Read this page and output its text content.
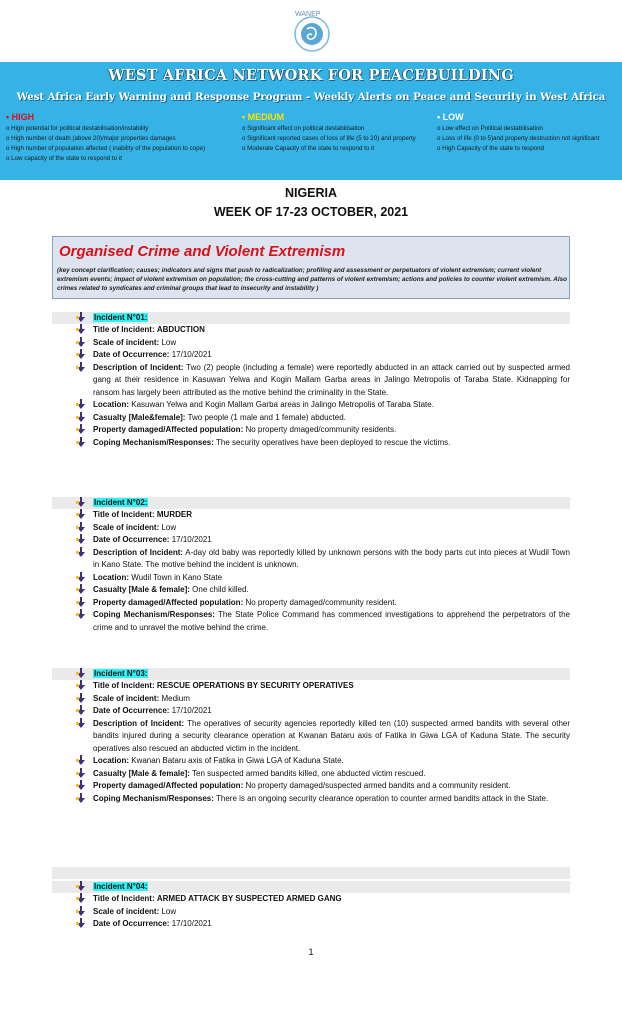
WANEP
WEST AFRICA NETWORK FOR PEACEBUILDING
West Africa Early Warning and Response Program - Weekly Alerts on Peace and Security in West Africa
• HIGH
o High potential for political destabilisation/instability
o High number of death (above 20)/major properties damages
o High number of population affected ( inability of the population to cope)
o Low capacity of the state to respond to it
• MEDIUM
o Significant effect on political destabilisation
o Significant reported cases of loss of life (5 to 20) and property
o Moderate Capacity of the state to respond to it
• LOW
o Low effect on Political destabilisation
o Loss of life (0 to 5)and property destruction not significant
o High Capacity of the state to respond
NIGERIA
WEEK OF 17-23 OCTOBER, 2021
Organised Crime and Violent Extremism
(key concept clarification; causes; indicators and signs that push to radicalization; profiling and assessment or perpetuators of violent extremism; current violent extremism events; impact of violent extremism on population; the cross-cutting and patterns of violent extremism; actions and policies to counter violent extremism. Also crimes related to syndicates and criminal groups that lead to insecurity and instability )
Incident N°01:
Title of Incident: ABDUCTION
Scale of incident: Low
Date of Occurrence: 17/10/2021
Description of Incident: Two (2) people (including a female) were reportedly abducted in an attack carried out by suspected armed gang at their residence in Kasuwan Yelwa and Kogin Mallam Garba areas in Jalingo Metropolis of Taraba State. Kidnapping for ransom has largely been attributed as the motive behind the criminality in the State.
Location: Kasuwan Yelwa and Kogin Mallam Garba areas in Jalingo Metropolis of Taraba State.
Casualty [Male&female]: Two people (1 male and 1 female) abducted.
Property damaged/Affected population: No property dmaged/community residents.
Coping Mechanism/Responses: The security operatives have been deployed to rescue the victims.
Incident N°02:
Title of Incident: MURDER
Scale of incident: Low
Date of Occurrence: 17/10/2021
Description of Incident: A-day old baby was reportedly killed by unknown persons with the body parts cut into pieces at Wudil Town in Kano State. The motive behind the incident is unknown.
Location: Wudil Town in Kano State
Casualty [Male & female]: One child killed.
Property damaged/Affected population: No property damaged/community resident.
Coping Mechanism/Responses: The State Police Command has commenced investigations to apprehend the perpetrators of the crime and to unravel the motive behind the crime.
Incident N°03:
Title of Incident: RESCUE OPERATIONS BY SECURITY OPERATIVES
Scale of incident: Medium
Date of Occurrence: 17/10/2021
Description of Incident: The operatives of security agencies reportedly killed ten (10) suspected armed bandits with several other bandits injured during a security clearance operation at Kwanan Bataru axis of Fatika in Giwa LGA of Kaduna State. The security operatives also rescued an abducted victim in the incident.
Location: Kwanan Bataru axis of Fatika in Giwa LGA of Kaduna State.
Casualty [Male & female]: Ten suspected armed bandits killed, one abducted victim rescued.
Property damaged/Affected population: No property damaged/suspected armed bandits and a community resident.
Coping Mechanism/Responses: There is an ongoing security clearance operation to counter armed bandits attack in the State.
Incident N°04:
Title of Incident: ARMED ATTACK BY SUSPECTED ARMED GANG
Scale of incident: Low
Date of Occurrence: 17/10/2021
1
